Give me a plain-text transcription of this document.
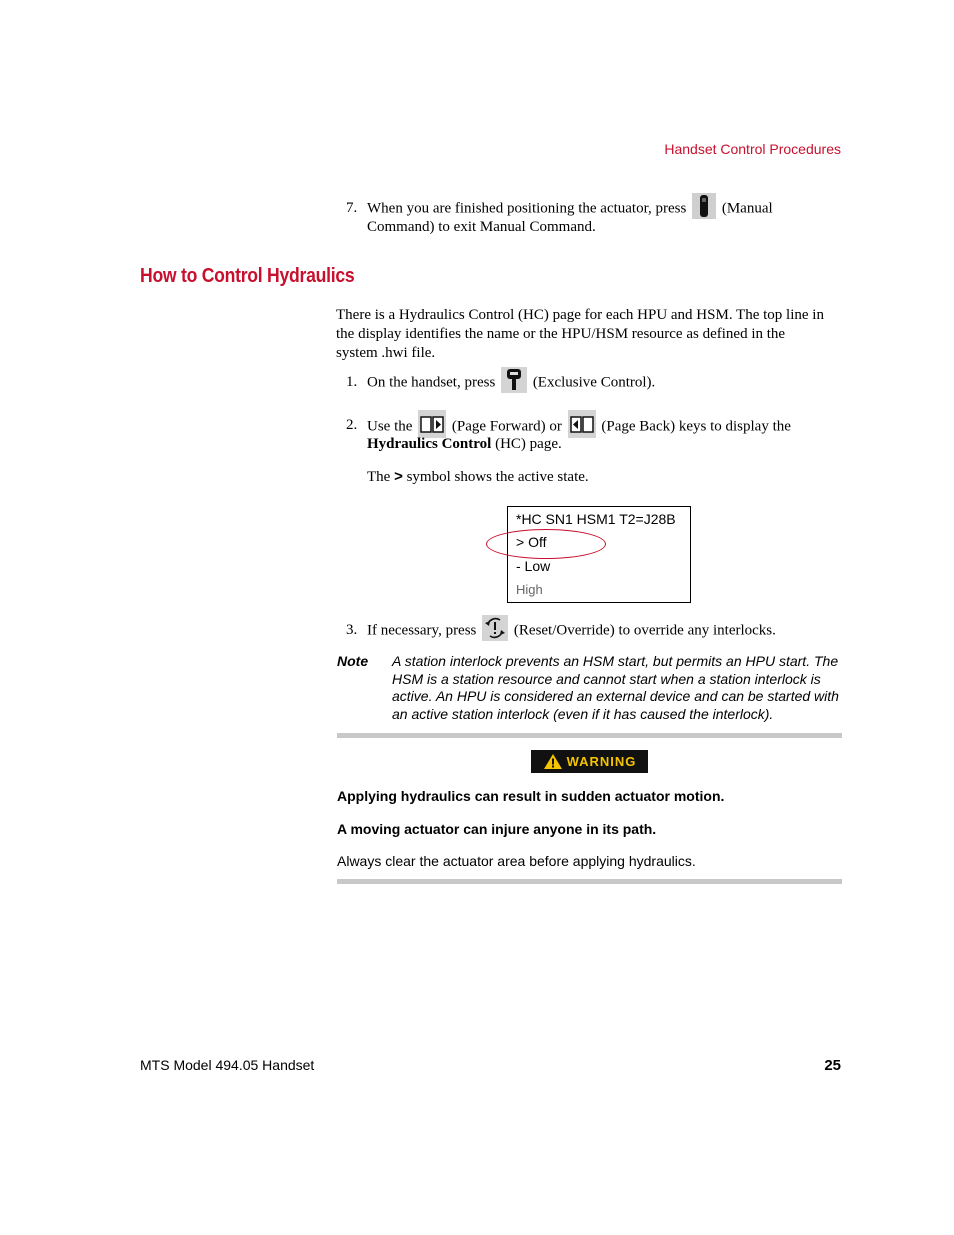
Handset Control Procedures
7. When you are finished positioning the actuator, press (Manual
Command) to exit Manual Command.
How to Control Hydraulics
There is a Hydraulics Control (HC) page for each HPU and HSM. The top line in
the display identifies the name or the HPU/HSM resource as defined in the
system .hwi file.
1. On the handset, press	(Exclusive Control).
2. Use the	(Page Forward) or	(Page Back) keys to display the
Hydraulics Control (HC) page.
The > symbol shows the active state.
*HC SN1 HSM1 T2=J28B
> Off
- Low
High
3. If necessary, press	(Reset/Override) to override any interlocks.
Note A station interlock prevents an HSM start, but permits an HPU start. The
HSM is a station resource and cannot start when a station interlock is
active. An HPU is considered an external device and can be started with
an active station interlock (even if it has caused the interlock).
WARNING
Applying hydraulics can result in sudden actuator motion.
A moving actuator can injure anyone in its path.
Always clear the actuator area before applying hydraulics.
MTS Model 494.05 Handset	25
